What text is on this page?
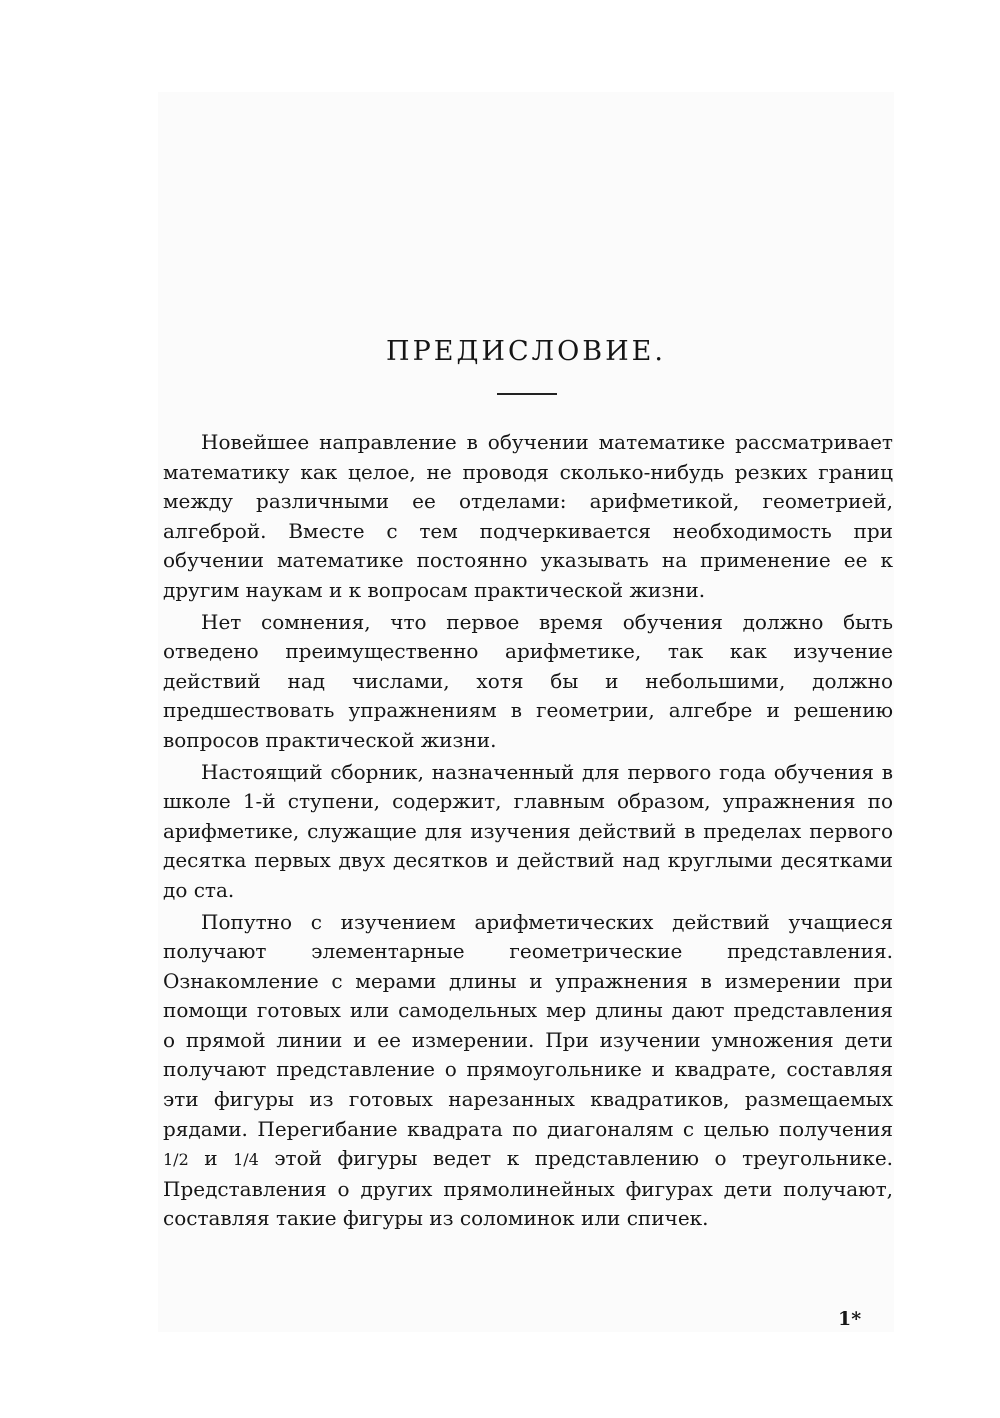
ПРЕДИСЛОВИЕ.

Новейшее направление в обучении математике рассматривает математику как целое, не проводя сколько-нибудь резких границ между различными ее отделами: арифметикой, геометрией, алгеброй. Вместе с тем подчеркивается необходимость при обучении математике постоянно указывать на применение ее к другим наукам и к вопросам практической жизни.

Нет сомнения, что первое время обучения должно быть отведено преимущественно арифметике, так как изучение действий над числами, хотя бы и небольшими, должно предшествовать упражнениям в геометрии, алгебре и решению вопросов практической жизни.

Настоящий сборник, назначенный для первого года обучения в школе 1-й ступени, содержит, главным образом, упражнения по арифметике, служащие для изучения действий в пределах первого десятка первых двух десятков и действий над круглыми десятками до ста.

Попутно с изучением арифметических действий учащиеся получают элементарные геометрические представления. Ознакомление с мерами длины и упражнения в измерении при помощи готовых или самодельных мер длины дают представления о прямой линии и ее измерении. При изучении умножения дети получают представление о прямоугольнике и квадрате, составляя эти фигуры из готовых нарезанных квадратиков, размещаемых рядами. Перегибание квадрата по диагоналям с целью получения 1/2 и 1/4 этой фигуры ведет к представлению о треугольнике. Представления о других прямолинейных фигурах дети получают, составляя такие фигуры из соломинок или спичек.

1*
